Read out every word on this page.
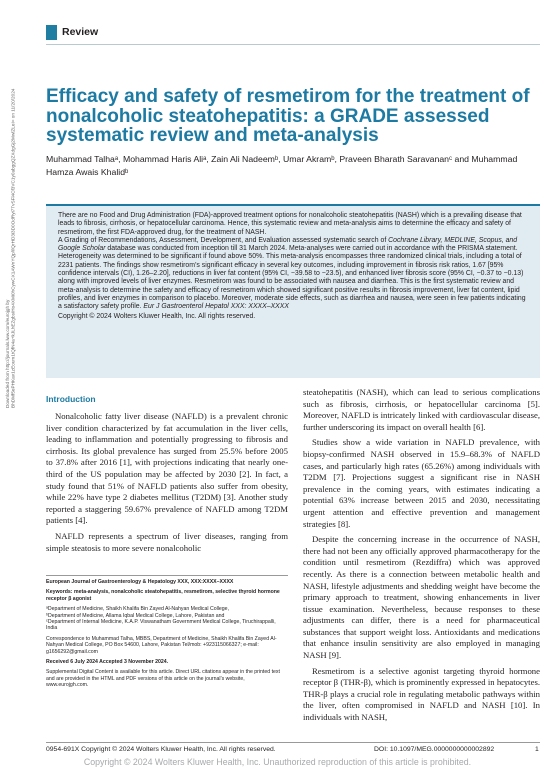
Review
Downloaded from http://journals.lww.com/eurojgh by BhDMf5ePHKav1zEoum1tQfN4a+kJLhEZgbsIHo4XMi0hCywCX1AWnYQp/IlQrHD3i3D0OdRyi7TvSFl4Cf3VC1y0abggQZXdgGj2MwlZLeI= on 11/20/2024	Efficacy and safety of resmetirom for the treatment of nonalcoholic steatohepatitis: a GRADE assessed systematic review and meta-analysis
Muhammad Talhaᵃ, Mohammad Haris Aliᵃ, Zain Ali Nadeemᵇ, Umar Akramᵇ, Praveen Bharath Saravananᶜ and Muhammad Hamza Awais Khalidᵇ

There are no Food and Drug Administration (FDA)-approved treatment options for nonalcoholic steatohepatitis (NASH) which is a prevailing disease that leads to fibrosis, cirrhosis, or hepatocellular carcinoma. Hence, this systematic review and meta-analysis aims to determine the efficacy and safety of resmetirom, the first FDA-approved drug, for the treatment of NASH.

A Grading of Recommendations, Assessment, Development, and Evaluation assessed systematic search of Cochrane Library, MEDLINE, Scopus, and Google Scholar database was conducted from inception till 31 March 2024. Meta-analyses were carried out in accordance with the PRISMA statement. Heterogeneity was determined to be significant if found above 50%. This meta-analysis encompasses three randomized clinical trials, including a total of 2231 patients. The findings show resmetirom’s significant efficacy in several key outcomes, including improvement in fibrosis risk ratios, 1.67 [95% confidence intervals (CI), 1.26–2.20], reductions in liver fat content (95% CI, −39.58 to −23.5), and enhanced liver fibrosis score (95% CI, −0.37 to −0.13) along with improved levels of liver enzymes. Resmetirom was found to be associated with nausea and diarrhea. This is the first systematic review and meta-analysis to determine the safety and efficacy of resmetirom which showed significant positive results in fibrosis improvement, liver fat content, lipid profiles, and liver enzymes in comparison to placebo. Moreover, moderate side effects, such as diarrhea and nausea, were seen in few patients indicating a satisfactory safety profile. Eur J Gastroenterol Hepatol XXX: XXXX–XXXX

Copyright © 2024 Wolters Kluwer Health, Inc. All rights reserved.

Introduction

Nonalcoholic fatty liver disease (NAFLD) is a prevalent chronic liver condition characterized by fat accumulation in the liver cells, leading to inflammation and potentially progressing to fibrosis and cirrhosis. Its global prevalence has surged from 25.5% before 2005 to 37.8% after 2016 [1], with projections indicating that nearly one-third of the US population may be affected by 2030 [2]. In fact, a study found that 51% of NAFLD patients also suffer from obesity, while 22% have type 2 diabetes mellitus (T2DM) [3]. Another study reported a staggering 59.67% prevalence of NAFLD among T2DM patients [4].

NAFLD represents a spectrum of liver diseases, ranging from simple steatosis to more severe nonalcoholic

European Journal of Gastroenterology & Hepatology XXX, XXX:XXXX–XXXX

Keywords: meta-analysis, nonalcoholic steatohepatitis, resmetirom, selective thyroid hormone receptor β agonist

ᵃDepartment of Medicine, Shaikh Khalifa Bin Zayed Al-Nahyan Medical College,

ᵇDepartment of Medicine, Allama Iqbal Medical College, Lahore, Pakistan and

ᶜDepartment of Internal Medicine, K.A.P. Viswanatham Government Medical College, Tiruchirappalli, India

Correspondence to Muhammad Talha, MBBS, Department of Medicine, Shaikh Khalifa Bin Zayed Al-Nahyan Medical College, PO Box 54600, Lahore, Pakistan Tel/mob: +923115066327; e-mail: g1656292@gmail.com

Received 6 July 2024 Accepted 3 November 2024.

Supplemental Digital Content is available for this article. Direct URL citations appear in the printed text and are provided in the HTML and PDF versions of this article on the journal’s website, www.eurojgh.com.

steatohepatitis (NASH), which can lead to serious complications such as fibrosis, cirrhosis, or hepatocellular carcinoma [5]. Moreover, NAFLD is intricately linked with cardiovascular disease, further underscoring its impact on overall health [6].

Studies show a wide variation in NAFLD prevalence, with biopsy-confirmed NASH observed in 15.9–68.3% of NAFLD cases, and particularly high rates (65.26%) among individuals with T2DM [7]. Projections suggest a significant rise in NASH prevalence in the coming years, with estimates indicating a potential 63% increase between 2015 and 2030, necessitating urgent attention and effective prevention and management strategies [8].

Despite the concerning increase in the occurrence of NASH, there had not been any officially approved pharmacotherapy for the condition until resmetirom (Rezdiffra) which was approved recently. As there is a connection between metabolic health and NASH, lifestyle adjustments and shedding weight have become the primary approach to treatment, showing enhancements in liver tissue examination. Nevertheless, because responses to these adjustments can differ, there is a need for pharmaceutical substances that support weight loss. Antioxidants and medications that enhance insulin sensitivity are also employed in managing NASH [9].

Resmetirom is a selective agonist targeting thyroid hormone receptor β (THR-β), which is prominently expressed in hepatocytes. THR-β plays a crucial role in regulating metabolic pathways within the liver, often compromised in NAFLD and NASH [10]. In individuals with NASH,

0954-691X Copyright © 2024 Wolters Kluwer Health, Inc. All rights reserved.	DOI: 10.1097/MEG.0000000000002892	1
Copyright © 2024 Wolters Kluwer Health, Inc. Unauthorized reproduction of this article is prohibited.
